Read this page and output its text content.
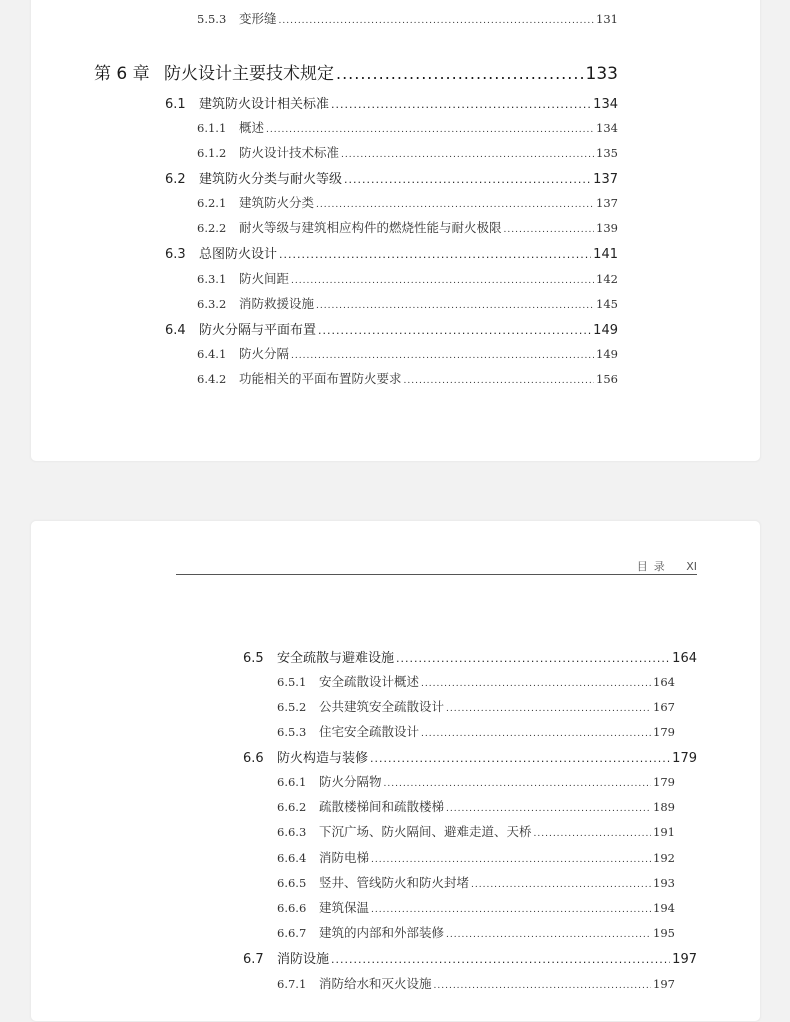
5.5.3	变形缝 .....	131
第 6 章 防火设计主要技术规定 .....	133
6.1	建筑防火设计相关标准 .....	134
6.1.1	概述 .....	134
6.1.2	防火设计技术标准 .....	135
6.2	建筑防火分类与耐火等级 .....	137
6.2.1	建筑防火分类 .....	137
6.2.2	耐火等级与建筑相应构件的燃烧性能与耐火极限 .....	139
6.3	总图防火设计 .....	141
6.3.1	防火间距 .....	142
6.3.2	消防救援设施 .....	145
6.4	防火分隔与平面布置 .....	149
6.4.1	防火分隔 .....	149
6.4.2	功能相关的平面布置防火要求 .....	156
目录 XI
6.5	安全疏散与避难设施 .....	164
6.5.1	安全疏散设计概述 .....	164
6.5.2	公共建筑安全疏散设计 .....	167
6.5.3	住宅安全疏散设计 .....	179
6.6	防火构造与装修 .....	179
6.6.1	防火分隔物 .....	179
6.6.2	疏散楼梯间和疏散楼梯 .....	189
6.6.3	下沉广场、防火隔间、避难走道、天桥 .....	191
6.6.4	消防电梯 .....	192
6.6.5	竖井、管线防火和防火封堵 .....	193
6.6.6	建筑保温 .....	194
6.6.7	建筑的内部和外部装修 .....	195
6.7	消防设施 .....	197
6.7.1	消防给水和灭火设施 .....	197
